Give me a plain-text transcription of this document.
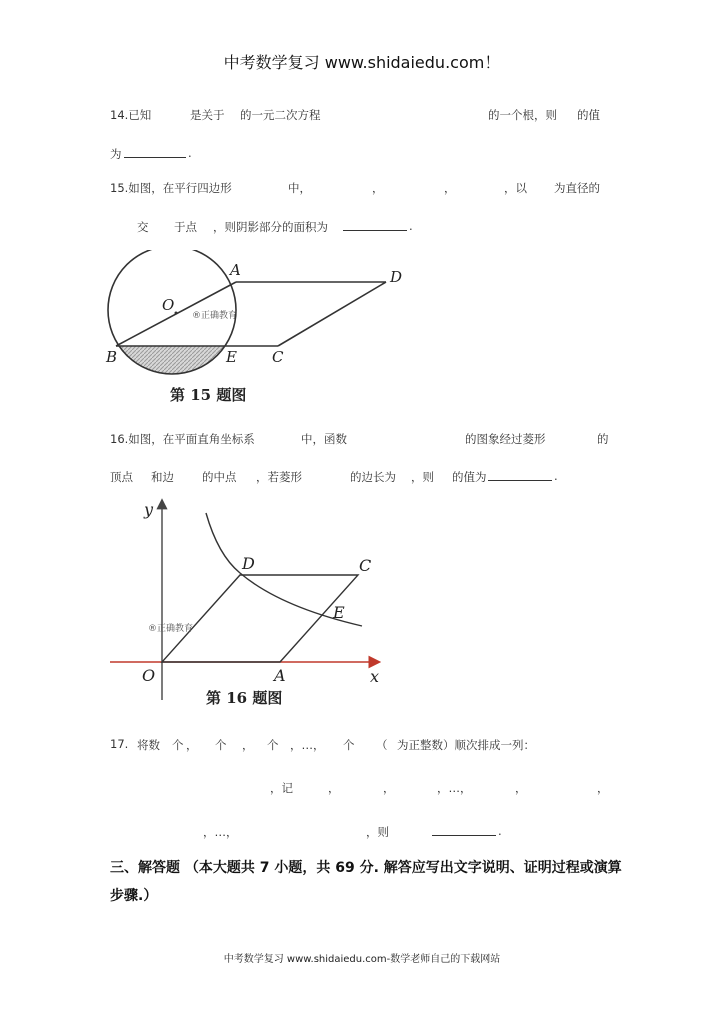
中考数学复习 www.shidaiedu.com！
14.已知	是关于 的一元二次方程	的一个根，则 的值
为	.
15.如图，在平行四边形	中，	，	，	，以 为直径的
交 于点 ，则阴影部分的面积为	.
A	D
O
B	E C
®正确教育
第 15 题图
16.如图，在平面直角坐标系	中，函数	的图象经过菱形	的
顶点 和边 的中点 ，若菱形	的边长为 ，则 的值为	.
y
x
O	A
D	C
E
®正确教育
第 16 题图
17. 将数 个 ， 个 ， 个 ，…， 个 （ 为正整数）顺次排成一列：
，记	，	，	，…，	，	，
，…，	，则	.
三、解答题 （本大题共 7 小题，共 69 分. 解答应写出文字说明、证明过程或演算
步骤.）
中考数学复习 www.shidaiedu.com-数学老师自己的下载网站
